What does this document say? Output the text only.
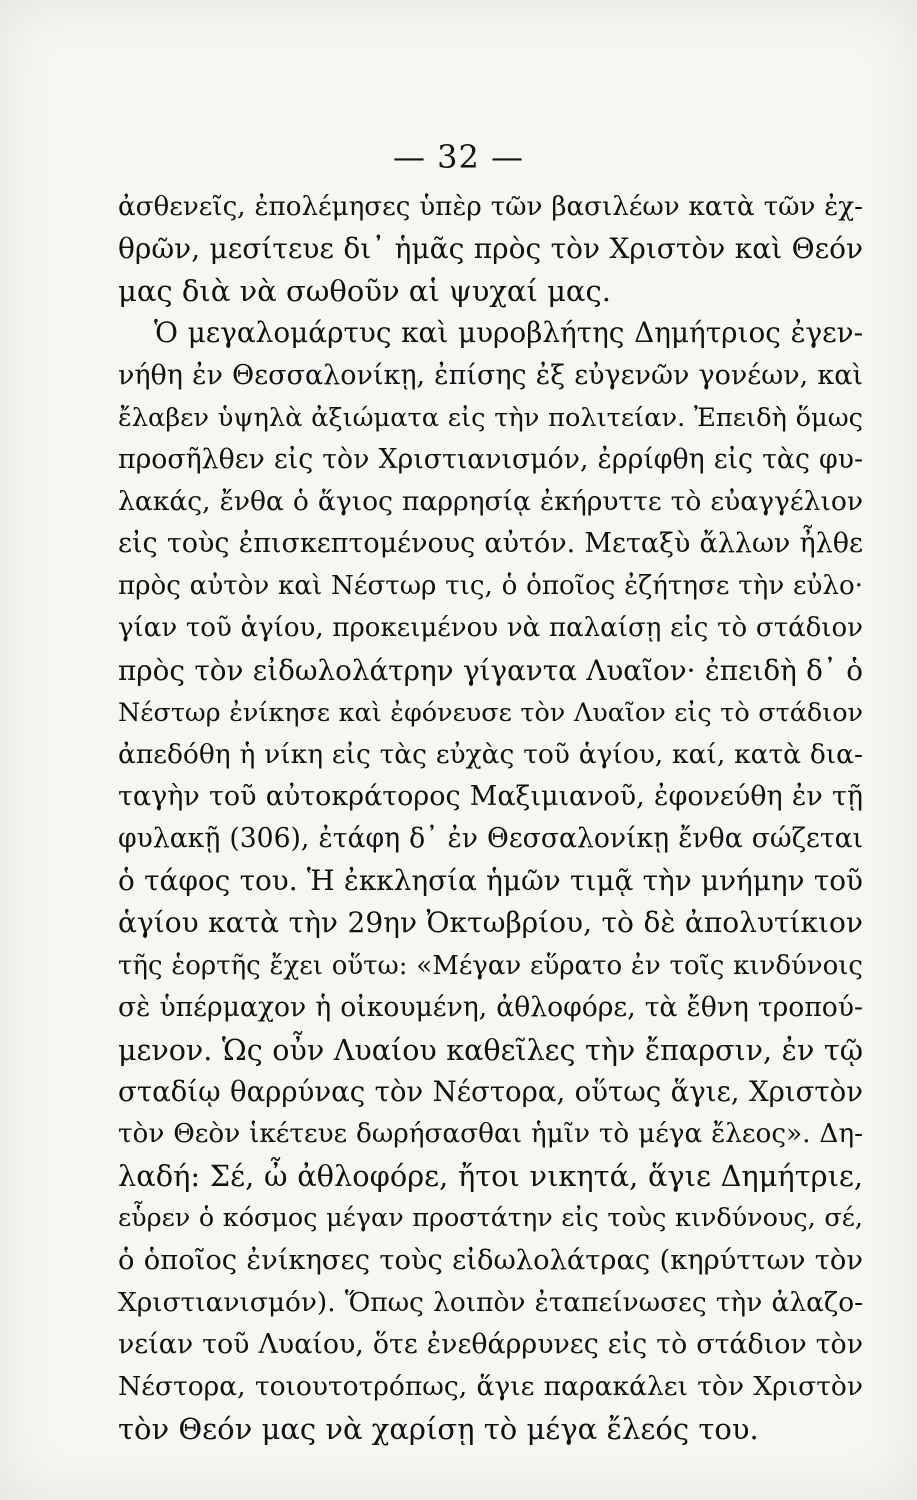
— 32 —
ἀσθενεῖς, ἐπολέμησες ὑπὲρ τῶν βασιλέων κατὰ τῶν ἐχ-
θρῶν, μεσίτευε δι᾽ ἡμᾶς πρὸς τὸν Χριστὸν καὶ Θεόν
μας διὰ νὰ σωθοῦν αἱ ψυχαί μας.
Ὁ μεγαλομάρτυς καὶ μυροβλήτης Δημήτριος ἐγεν-
νήθη ἐν Θεσσαλονίκῃ, ἐπίσης ἐξ εὐγενῶν γονέων, καὶ
ἔλαβεν ὑψηλὰ ἀξιώματα εἰς τὴν πολιτείαν. Ἐπειδὴ ὅμως
προσῆλθεν εἰς τὸν Χριστιανισμόν, ἐρρίφθη εἰς τὰς φυ-
λακάς, ἔνθα ὁ ἅγιος παρρησίᾳ ἐκήρυττε τὸ εὐαγγέλιον
εἰς τοὺς ἐπισκεπτομένους αὐτόν. Μεταξὺ ἄλλων ἦλθε
πρὸς αὐτὸν καὶ Νέστωρ τις, ὁ ὁποῖος ἐζήτησε τὴν εὐλο·
γίαν τοῦ ἁγίου, προκειμένου νὰ παλαίσῃ εἰς τὸ στάδιον
πρὸς τὸν εἰδωλολάτρην γίγαντα Λυαῖον· ἐπειδὴ δ᾽ ὁ
Νέστωρ ἐνίκησε καὶ ἐφόνευσε τὸν Λυαῖον εἰς τὸ στάδιον
ἀπεδόθη ἡ νίκη εἰς τὰς εὐχὰς τοῦ ἁγίου, καί, κατὰ δια-
ταγὴν τοῦ αὐτοκράτορος Μαξιμιανοῦ, ἐφονεύθη ἐν τῇ
φυλακῇ (306), ἐτάφη δ᾽ ἐν Θεσσαλονίκῃ ἔνθα σώζεται
ὁ τάφος του. Ἡ ἐκκλησία ἡμῶν τιμᾷ τὴν μνήμην τοῦ
ἁγίου κατὰ τὴν 29ην Ὀκτωβρίου, τὸ δὲ ἀπολυτίκιον
τῆς ἑορτῆς ἔχει οὕτω: «Μέγαν εὕρατο ἐν τοῖς κινδύνοις
σὲ ὑπέρμαχον ἡ οἰκουμένη, ἀθλοφόρε, τὰ ἔθνη τροπού-
μενον. Ὡς οὖν Λυαίου καθεῖλες τὴν ἔπαρσιν, ἐν τῷ
σταδίῳ θαρρύνας τὸν Νέστορα, οὕτως ἅγιε, Χριστὸν
τὸν Θεὸν ἱκέτευε δωρήσασθαι ἡμῖν τὸ μέγα ἔλεος». Δη-
λαδή: Σέ, ὦ ἀθλοφόρε, ἤτοι νικητά, ἅγιε Δημήτριε,
εὗρεν ὁ κόσμος μέγαν προστάτην εἰς τοὺς κινδύνους, σέ,
ὁ ὁποῖος ἐνίκησες τοὺς εἰδωλολάτρας (κηρύττων τὸν
Χριστιανισμόν). Ὅπως λοιπὸν ἐταπείνωσες τὴν ἀλαζο-
νείαν τοῦ Λυαίου, ὅτε ἐνεθάρρυνες εἰς τὸ στάδιον τὸν
Νέστορα, τοιουτοτρόπως, ἅγιε παρακάλει τὸν Χριστὸν
τὸν Θεόν μας νὰ χαρίσῃ τὸ μέγα ἔλεός του.
